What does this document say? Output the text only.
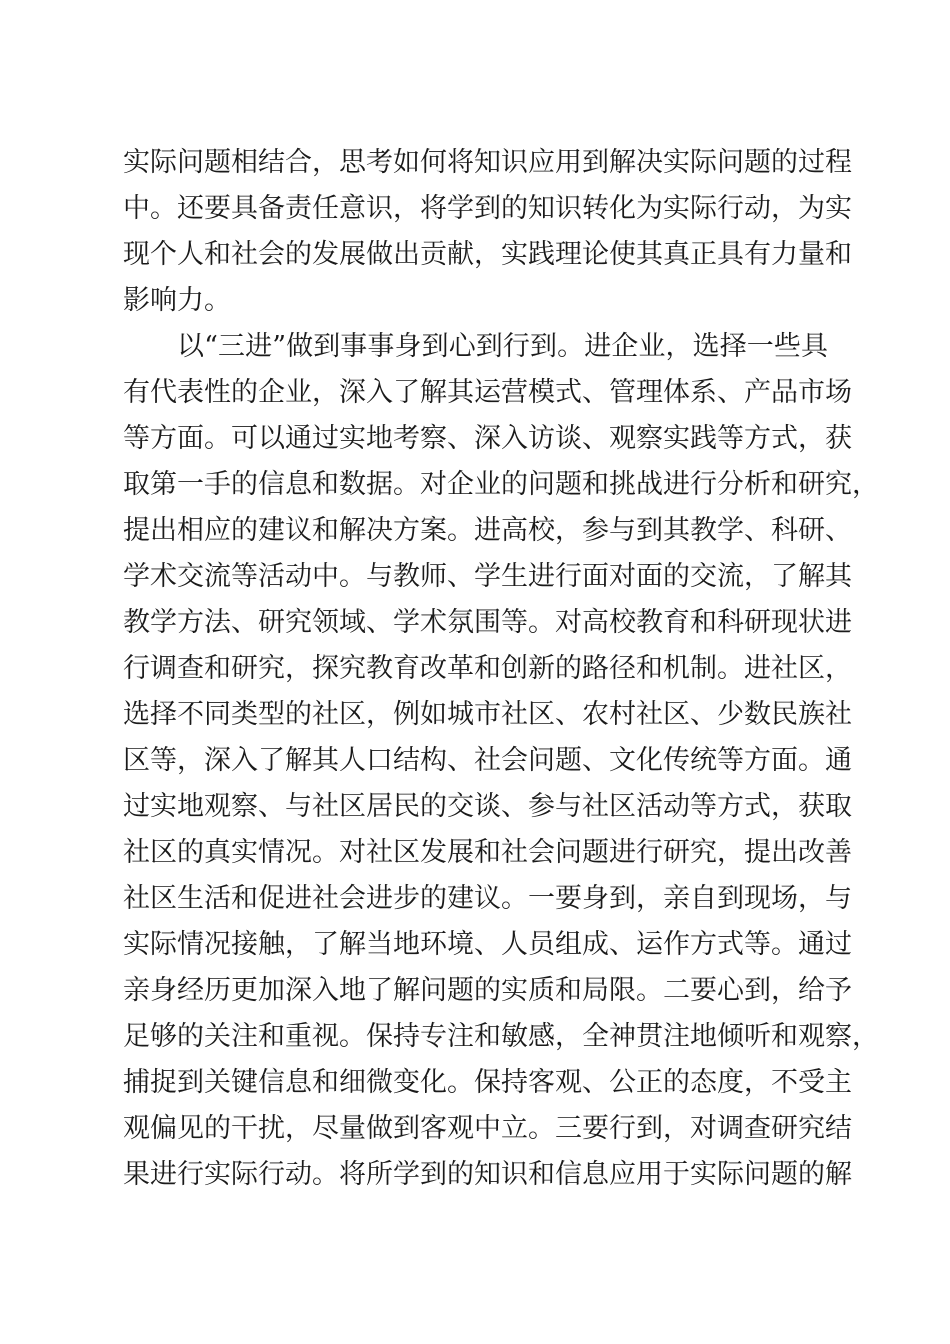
实际问题相结合，思考如何将知识应用到解决实际问题的过程
中。还要具备责任意识，将学到的知识转化为实际行动，为实
现个人和社会的发展做出贡献，实践理论使其真正具有力量和
影响力。
以“三进”做到事事身到心到行到。进企业，选择一些具
有代表性的企业，深入了解其运营模式、管理体系、产品市场
等方面。可以通过实地考察、深入访谈、观察实践等方式，获
取第一手的信息和数据。对企业的问题和挑战进行分析和研究，
提出相应的建议和解决方案。进高校，参与到其教学、科研、
学术交流等活动中。与教师、学生进行面对面的交流，了解其
教学方法、研究领域、学术氛围等。对高校教育和科研现状进
行调查和研究，探究教育改革和创新的路径和机制。进社区，
选择不同类型的社区，例如城市社区、农村社区、少数民族社
区等，深入了解其人口结构、社会问题、文化传统等方面。通
过实地观察、与社区居民的交谈、参与社区活动等方式，获取
社区的真实情况。对社区发展和社会问题进行研究，提出改善
社区生活和促进社会进步的建议。一要身到，亲自到现场，与
实际情况接触，了解当地环境、人员组成、运作方式等。通过
亲身经历更加深入地了解问题的实质和局限。二要心到，给予
足够的关注和重视。保持专注和敏感，全神贯注地倾听和观察，
捕捉到关键信息和细微变化。保持客观、公正的态度，不受主
观偏见的干扰，尽量做到客观中立。三要行到，对调查研究结
果进行实际行动。将所学到的知识和信息应用于实际问题的解
